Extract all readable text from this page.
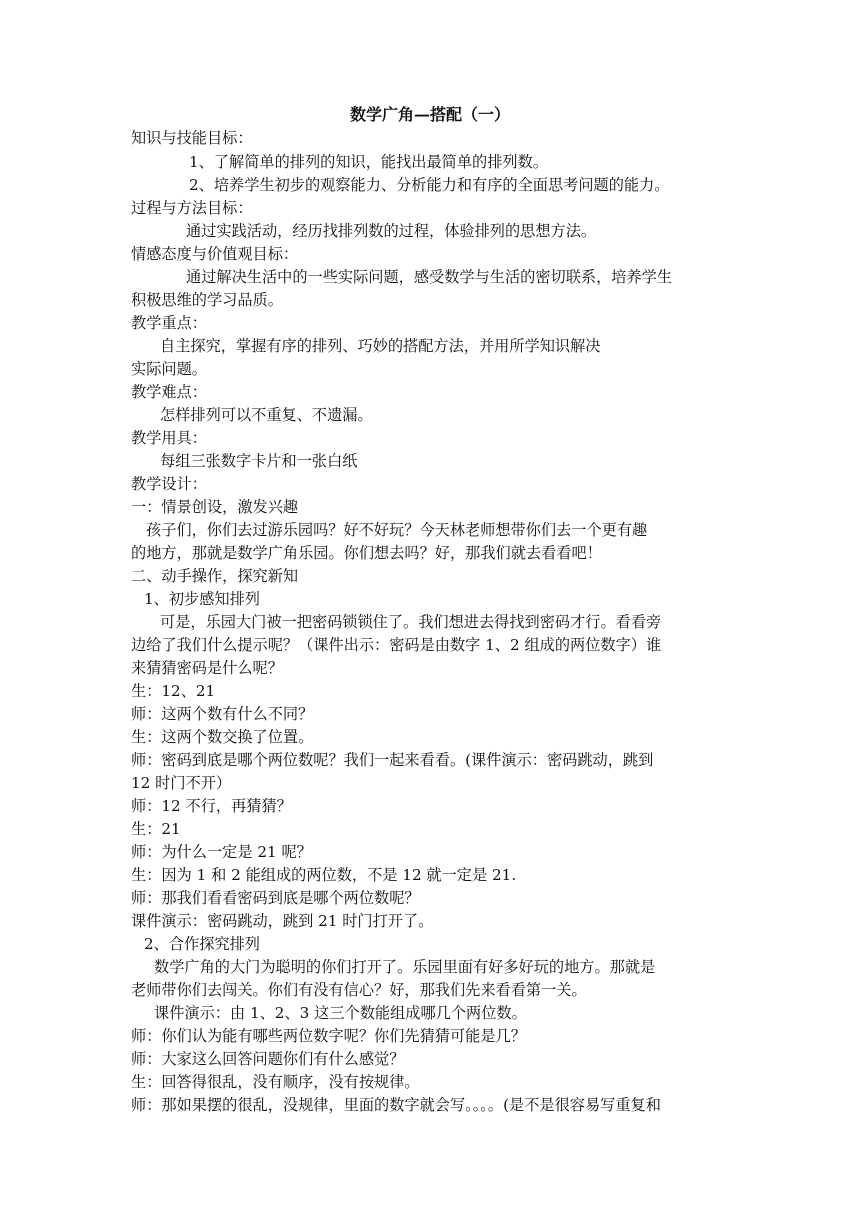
数学广角—搭配（一）
知识与技能目标：
1、了解简单的排列的知识，能找出最简单的排列数。
2、培养学生初步的观察能力、分析能力和有序的全面思考问题的能力。
过程与方法目标：
通过实践活动，经历找排列数的过程，体验排列的思想方法。
情感态度与价值观目标：
通过解决生活中的一些实际问题，感受数学与生活的密切联系，培养学生
积极思维的学习品质。
教学重点：
自主探究，掌握有序的排列、巧妙的搭配方法，并用所学知识解决
实际问题。
教学难点：
怎样排列可以不重复、不遗漏。
教学用具：
每组三张数字卡片和一张白纸
教学设计：
一：情景创设，激发兴趣
孩子们，你们去过游乐园吗？好不好玩？今天林老师想带你们去一个更有趣
的地方，那就是数学广角乐园。你们想去吗？好，那我们就去看看吧！
二、动手操作，探究新知
1、初步感知排列
可是，乐园大门被一把密码锁锁住了。我们想进去得找到密码才行。看看旁
边给了我们什么提示呢？（课件出示：密码是由数字 1、2 组成的两位数字）谁
来猜猜密码是什么呢？
生：12、21
师：这两个数有什么不同？
生：这两个数交换了位置。
师：密码到底是哪个两位数呢？我们一起来看看。(课件演示：密码跳动，跳到
12 时门不开）
师：12 不行，再猜猜？
生：21
师：为什么一定是 21 呢？
生：因为 1 和 2 能组成的两位数，不是 12 就一定是 21.
师：那我们看看密码到底是哪个两位数呢？
课件演示：密码跳动，跳到 21 时门打开了。
2、合作探究排列
数学广角的大门为聪明的你们打开了。乐园里面有好多好玩的地方。那就是
老师带你们去闯关。你们有没有信心？好，那我们先来看看第一关。
课件演示：由 1、2、3 这三个数能组成哪几个两位数。
师：你们认为能有哪些两位数字呢？你们先猜猜可能是几？
师：大家这么回答问题你们有什么感觉？
生：回答得很乱，没有顺序，没有按规律。
师：那如果摆的很乱，没规律，里面的数字就会写。。。。(是不是很容易写重复和
